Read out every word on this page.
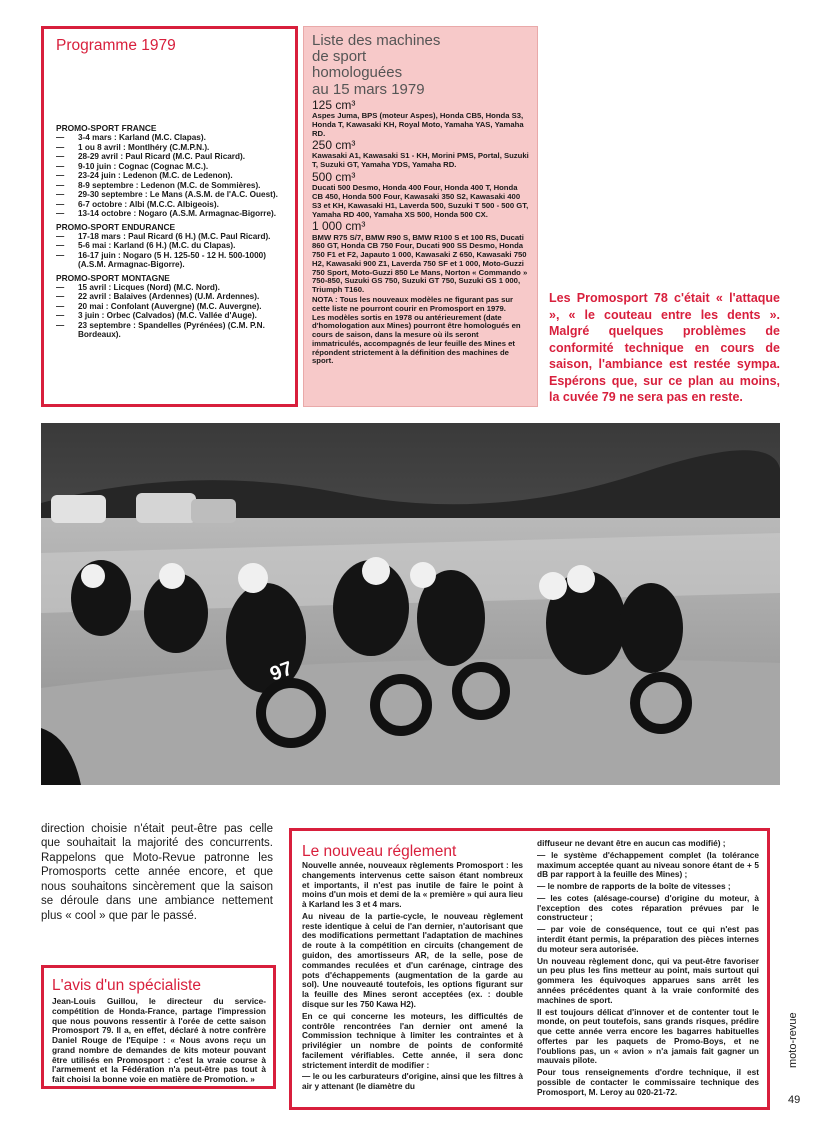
Programme 1979
PROMO-SPORT FRANCE
— 3-4 mars : Karland (M.C. Clapas).
— 1 ou 8 avril : Montlhéry (C.M.P.N.).
— 28-29 avril : Paul Ricard (M.C. Paul Ricard).
— 9-10 juin : Cognac (Cognac M.C.).
— 23-24 juin : Ledenon (M.C. de Ledenon).
— 8-9 septembre : Ledenon (M.C. de Sommières).
— 29-30 septembre : Le Mans (A.S.M. de l'A.C. Ouest).
— 6-7 octobre : Albi (M.C.C. Albigeois).
— 13-14 octobre : Nogaro (A.S.M. Armagnac-Bigorre).
PROMO-SPORT ENDURANCE
— 17-18 mars : Paul Ricard (6 H.) (M.C. Paul Ricard).
— 5-6 mai : Karland (6 H.) (M.C. du Clapas).
— 16-17 juin : Nogaro (5 H. 125-50 - 12 H. 500-1000) (A.S.M. Armagnac-Bigorre).
PROMO-SPORT MONTAGNE
— 15 avril : Licques (Nord) (M.C. Nord).
— 22 avril : Balaives (Ardennes) (U.M. Ardennes).
— 20 mai : Confolant (Auvergne) (M.C. Auvergne).
— 3 juin : Orbec (Calvados) (M.C. Vallée d'Auge).
— 23 septembre : Spandelles (Pyrénées) (C.M. P.N. Bordeaux).
Liste des machines
de sport
homologuées
au 15 mars 1979
125 cm³
Aspes Juma, BPS (moteur Aspes), Honda CB5, Honda S3, Honda T, Kawasaki KH, Royal Moto, Yamaha YAS, Yamaha RD.
250 cm³
Kawasaki A1, Kawasaki S1 - KH, Morini PMS, Portal, Suzuki T, Suzuki GT, Yamaha YDS, Yamaha RD.
500 cm³
Ducati 500 Desmo, Honda 400 Four, Honda 400 T, Honda CB 450, Honda 500 Four, Kawasaki 350 S2, Kawasaki 400 S3 et KH, Kawasaki H1, Laverda 500, Suzuki T 500 - 500 GT, Yamaha RD 400, Yamaha XS 500, Honda 500 CX.
1 000 cm³
BMW R75 S/7, BMW R90 S, BMW R100 S et 100 RS, Ducati 860 GT, Honda CB 750 Four, Ducati 900 SS Desmo, Honda 750 F1 et F2, Japauto 1 000, Kawasaki Z 650, Kawasaki 750 H2, Kawasaki 900 Z1, Laverda 750 SF et 1 000, Moto-Guzzi 750 Sport, Moto-Guzzi 850 Le Mans, Norton « Commando » 750-850, Suzuki GS 750, Suzuki GT 750, Suzuki GS 1 000, Triumph T160.
NOTA : Tous les nouveaux modèles ne figurant pas sur cette liste ne pourront courir en Promosport en 1979.
Les modèles sortis en 1978 ou antérieurement (date d'homologation aux Mines) pourront être homologués en cours de saison, dans la mesure où ils seront immatriculés, accompagnés de leur feuille des Mines et répondent strictement à la définition des machines de sport.
Les Promosport 78 c'était « l'attaque », « le couteau entre les dents ». Malgré quelques problèmes de conformité technique en cours de saison, l'ambiance est restée sympa. Espérons que, sur ce plan au moins, la cuvée 79 ne sera pas en reste.
97
direction choisie n'était peut-être pas celle que souhaitait la majorité des concurrents. Rappelons que Moto-Revue patronne les Promosports cette année encore, et que nous souhaitons sincèrement que la saison se déroule dans une ambiance nettement plus « cool » que par le passé.
L'avis d'un spécialiste
Jean-Louis Guillou, le directeur du service-compétition de Honda-France, partage l'impression que nous pouvons ressentir à l'orée de cette saison Promosport 79. Il a, en effet, déclaré à notre confrère Daniel Rouge de l'Equipe : « Nous avons reçu un grand nombre de demandes de kits moteur pouvant être utilisés en Promosport : c'est la vraie course à l'armement et la Fédération n'a peut-être pas tout à fait choisi la bonne voie en matière de Promotion. »
Le nouveau réglement

Nouvelle année, nouveaux règlements Promosport : les changements intervenus cette saison étant nombreux et importants, il n'est pas inutile de faire le point à moins d'un mois et demi de la « première » qui aura lieu à Karland les 3 et 4 mars.

Au niveau de la partie-cycle, le nouveau règlement reste identique à celui de l'an dernier, n'autorisant que des modifications permettant l'adaptation de machines de route à la compétition en circuits (changement de guidon, des amortisseurs AR, de la selle, pose de commandes reculées et d'un carénage, cintrage des pots d'échappements (augmentation de la garde au sol). Une nouveauté toutefois, les options figurant sur la feuille des Mines seront acceptées (ex. : double disque sur les 750 Kawa H2).

En ce qui concerne les moteurs, les difficultés de contrôle rencontrées l'an dernier ont amené la Commission technique à limiter les contraintes et à privilégier un nombre de points de conformité facilement vérifiables. Cette année, il sera donc strictement interdit de modifier :

— le ou les carburateurs d'origine, ainsi que les filtres à air y attenant (le diamètre du

diffuseur ne devant être en aucun cas modifié) ;

— le système d'échappement complet (la tolérance maximum acceptée quant au niveau sonore étant de + 5 dB par rapport à la feuille des Mines) ;

— le nombre de rapports de la boîte de vitesses ;

— les cotes (alésage-course) d'origine du moteur, à l'exception des cotes réparation prévues par le constructeur ;

— par voie de conséquence, tout ce qui n'est pas interdit étant permis, la préparation des pièces internes du moteur sera autorisée.

Un nouveau règlement donc, qui va peut-être favoriser un peu plus les fins metteur au point, mais surtout qui gommera les équivoques apparues sans arrêt les années précédentes quant à la vraie conformité des machines de sport.

Il est toujours délicat d'innover et de contenter tout le monde, on peut toutefois, sans grands risques, prédire que cette année verra encore les bagarres habituelles offertes par les paquets de Promo-Boys, et ne l'oublions pas, un « avion » n'a jamais fait gagner un mauvais pilote.

Pour tous renseignements d'ordre technique, il est possible de contacter le commissaire technique des Promosport, M. Leroy au 020-21-72.

moto-revue
49
